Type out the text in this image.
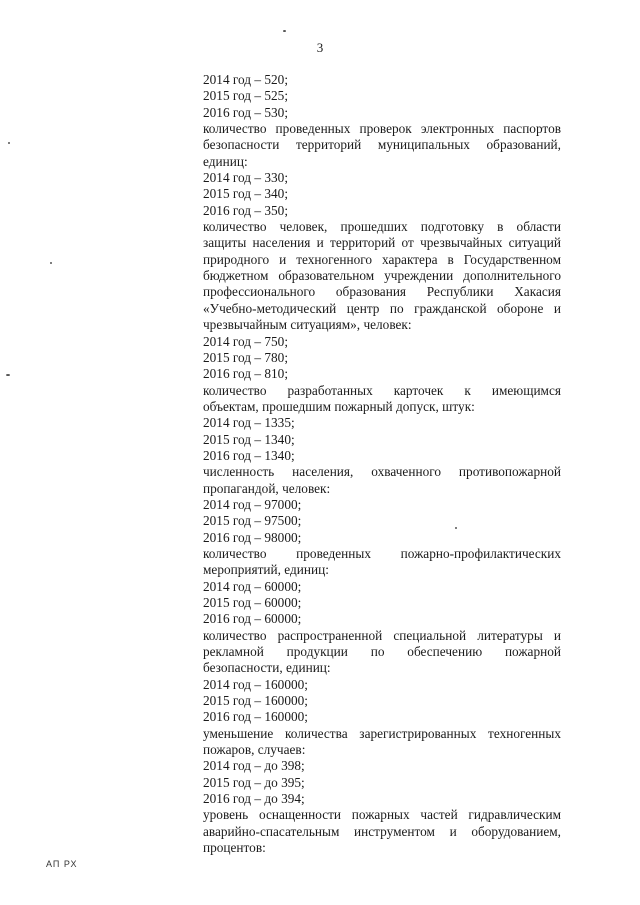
3
2014 год – 520;
2015 год – 525;
2016 год – 530;
количество проведенных проверок электронных паспортов
безопасности территорий муниципальных образований,
единиц:
2014 год – 330;
2015 год – 340;
2016 год – 350;
количество человек, прошедших подготовку в области
защиты населения и территорий от чрезвычайных ситуаций
природного и техногенного характера в Государственном
бюджетном образовательном учреждении дополнительного
профессионального образования Республики Хакасия
«Учебно-методический центр по гражданской обороне и
чрезвычайным ситуациям», человек:
2014 год – 750;
2015 год – 780;
2016 год – 810;
количество разработанных карточек к имеющимся
объектам, прошедшим пожарный допуск, штук:
2014 год – 1335;
2015 год – 1340;
2016 год – 1340;
численность населения, охваченного противопожарной
пропагандой, человек:
2014 год – 97000;
2015 год – 97500;
2016 год – 98000;
количество проведенных пожарно-профилактических
мероприятий, единиц:
2014 год – 60000;
2015 год – 60000;
2016 год – 60000;
количество распространенной специальной литературы и
рекламной продукции по обеспечению пожарной
безопасности, единиц:
2014 год – 160000;
2015 год – 160000;
2016 год – 160000;
уменьшение количества зарегистрированных техногенных
пожаров, случаев:
2014 год – до 398;
2015 год – до 395;
2016 год – до 394;
уровень оснащенности пожарных частей гидравлическим
аварийно-спасательным инструментом и оборудованием,
процентов:
АП РХ
